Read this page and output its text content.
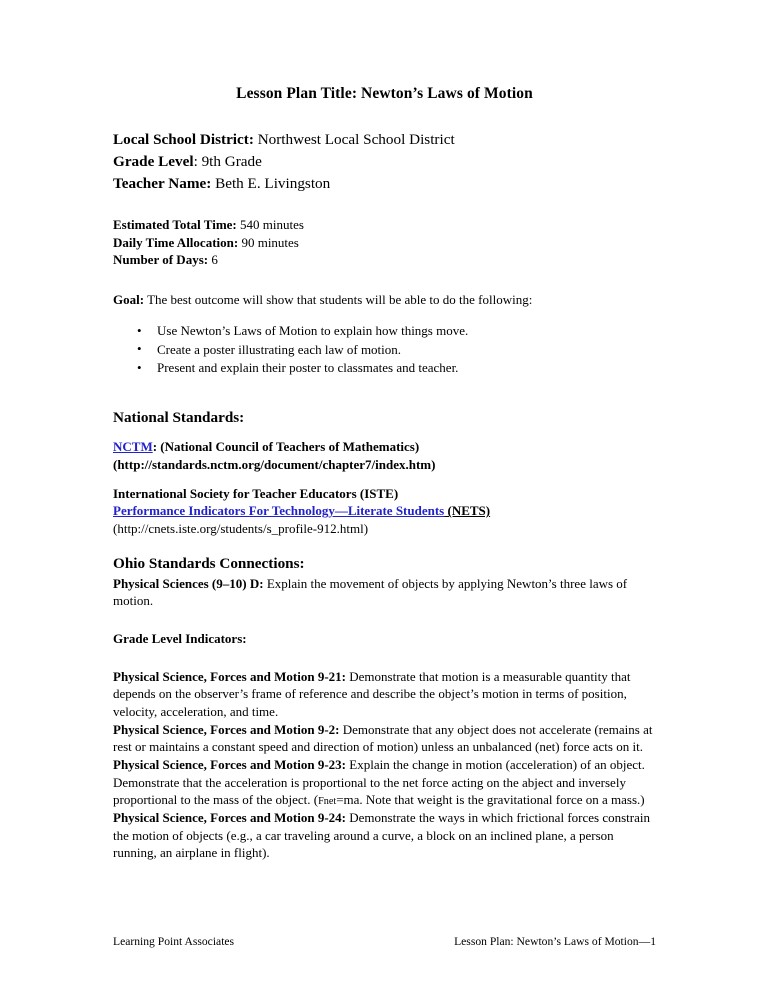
Lesson Plan Title: Newton’s Laws of Motion

Local School District: Northwest Local School District

Grade Level: 9th Grade

Teacher Name: Beth E. Livingston

Estimated Total Time: 540 minutes

Daily Time Allocation: 90 minutes

Number of Days: 6

Goal: The best outcome will show that students will be able to do the following:

• Use Newton’s Laws of Motion to explain how things move.
• Create a poster illustrating each law of motion.
• Present and explain their poster to classmates and teacher.
National Standards:

NCTM: (National Council of Teachers of Mathematics)

(http://standards.nctm.org/document/chapter7/index.htm)

International Society for Teacher Educators (ISTE)

Performance Indicators For Technology—Literate Students (NETS)

(http://cnets.iste.org/students/s_profile-912.html)

Ohio Standards Connections:

Physical Sciences (9–10) D: Explain the movement of objects by applying Newton’s three laws of motion.

Grade Level Indicators:

Physical Science, Forces and Motion 9-21: Demonstrate that motion is a measurable quantity that depends on the observer’s frame of reference and describe the object’s motion in terms of position, velocity, acceleration, and time.

Physical Science, Forces and Motion 9-2: Demonstrate that any object does not accelerate (remains at rest or maintains a constant speed and direction of motion) unless an unbalanced (net) force acts on it.

Physical Science, Forces and Motion 9-23: Explain the change in motion (acceleration) of an object. Demonstrate that the acceleration is proportional to the net force acting on the abject and inversely proportional to the mass of the object. (Fnet=ma. Note that weight is the gravitational force on a mass.)

Physical Science, Forces and Motion 9-24: Demonstrate the ways in which frictional forces constrain the motion of objects (e.g., a car traveling around a curve, a block on an inclined plane, a person running, an airplane in flight).

Learning Point Associates	Lesson Plan: Newton’s Laws of Motion—1
